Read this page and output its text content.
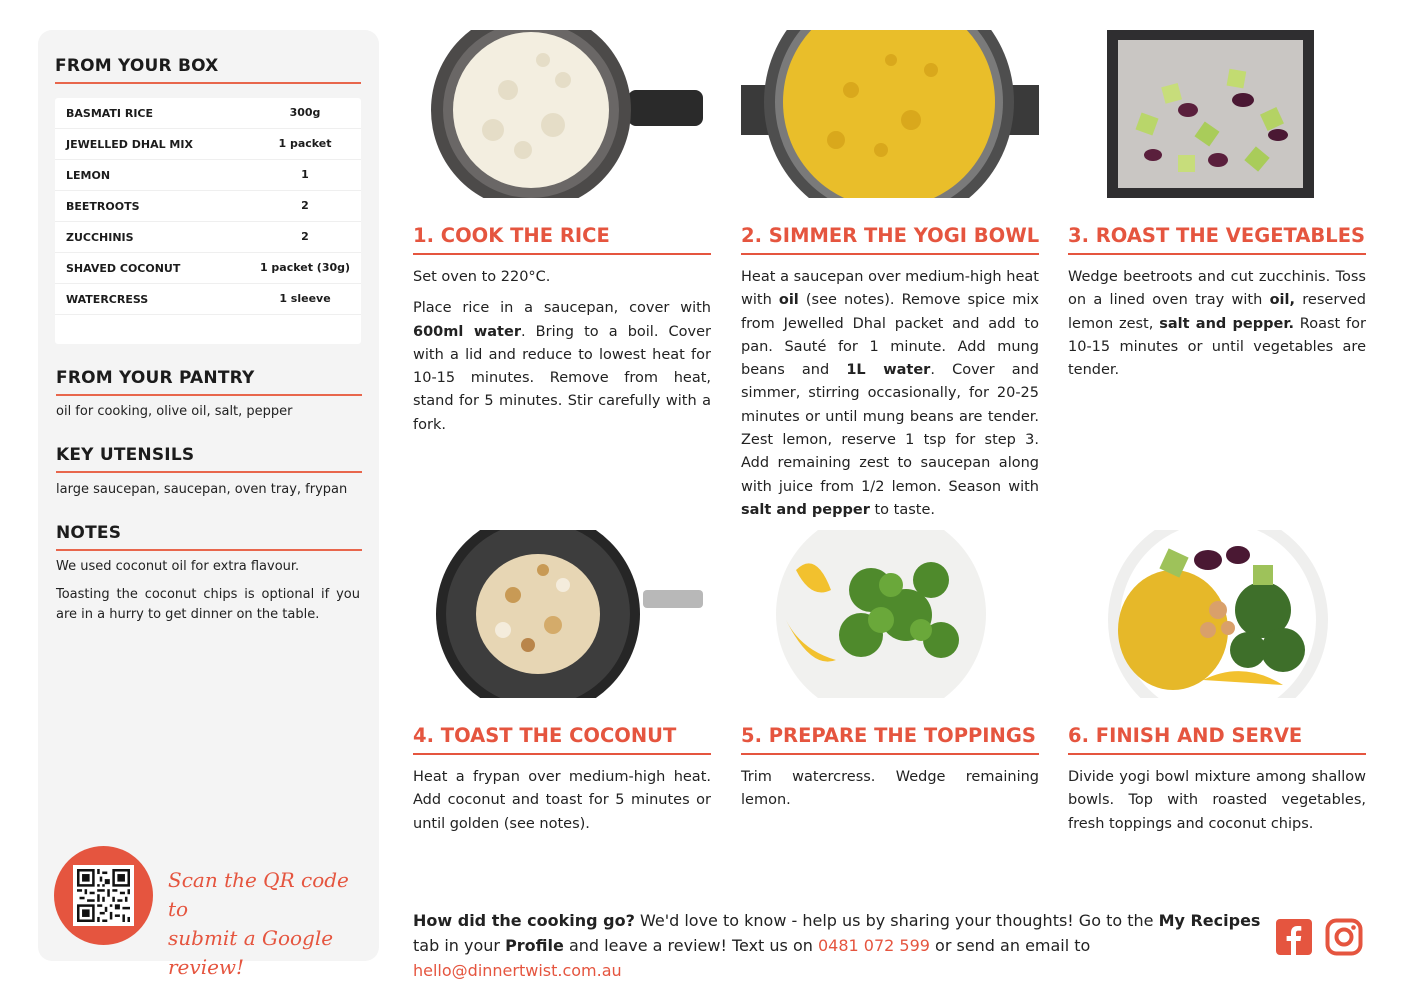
FROM YOUR BOX
BASMATI RICE	300g
JEWELLED DHAL MIX	1 packet
LEMON	1
BEETROOTS	2
ZUCCHINIS	2
SHAVED COCONUT	1 packet (30g)
WATERCRESS	1 sleeve
FROM YOUR PANTRY
oil for cooking, olive oil, salt, pepper
KEY UTENSILS
large saucepan, saucepan, oven tray, frypan
NOTES
We used coconut oil for extra flavour.
Toasting the coconut chips is optional if you are in a hurry to get dinner on the table.
Scan the QR code to
submit a Google review!
1. COOK THE RICE	2. SIMMER THE YOGI BOWL 3. ROAST THE VEGETABLES
4. TOAST THE COCONUT	5. PREPARE THE TOPPINGS 6. FINISH AND SERVE

Set oven to 220°C.

Place rice in a saucepan, cover with 600ml water. Bring to a boil. Cover with a lid and reduce to lowest heat for 10-15 minutes. Remove from heat, stand for 5 minutes. Stir carefully with a fork.

Heat a saucepan over medium-high heat with oil (see notes). Remove spice mix from Jewelled Dhal packet and add to pan. Sauté for 1 minute. Add mung beans and 1L water. Cover and simmer, stirring occasionally, for 20-25 minutes or until mung beans are tender. Zest lemon, reserve 1 tsp for step 3. Add remaining zest to saucepan along with juice from 1/2 lemon. Season with salt and pepper to taste.

Wedge beetroots and cut zucchinis. Toss on a lined oven tray with oil, reserved lemon zest, salt and pepper. Roast for 10-15 minutes or until vegetables are tender.

Heat a frypan over medium-high heat. Add coconut and toast for 5 minutes or until golden (see notes).

Trim watercress. Wedge remaining lemon.

Divide yogi bowl mixture among shallow bowls. Top with roasted vegetables, fresh toppings and coconut chips.

How did the cooking go? We'd love to know - help us by sharing your thoughts! Go to the My Recipes tab in your Profile and leave a review! Text us on 0481 072 599 or send an email to hello@dinnertwist.com.au
